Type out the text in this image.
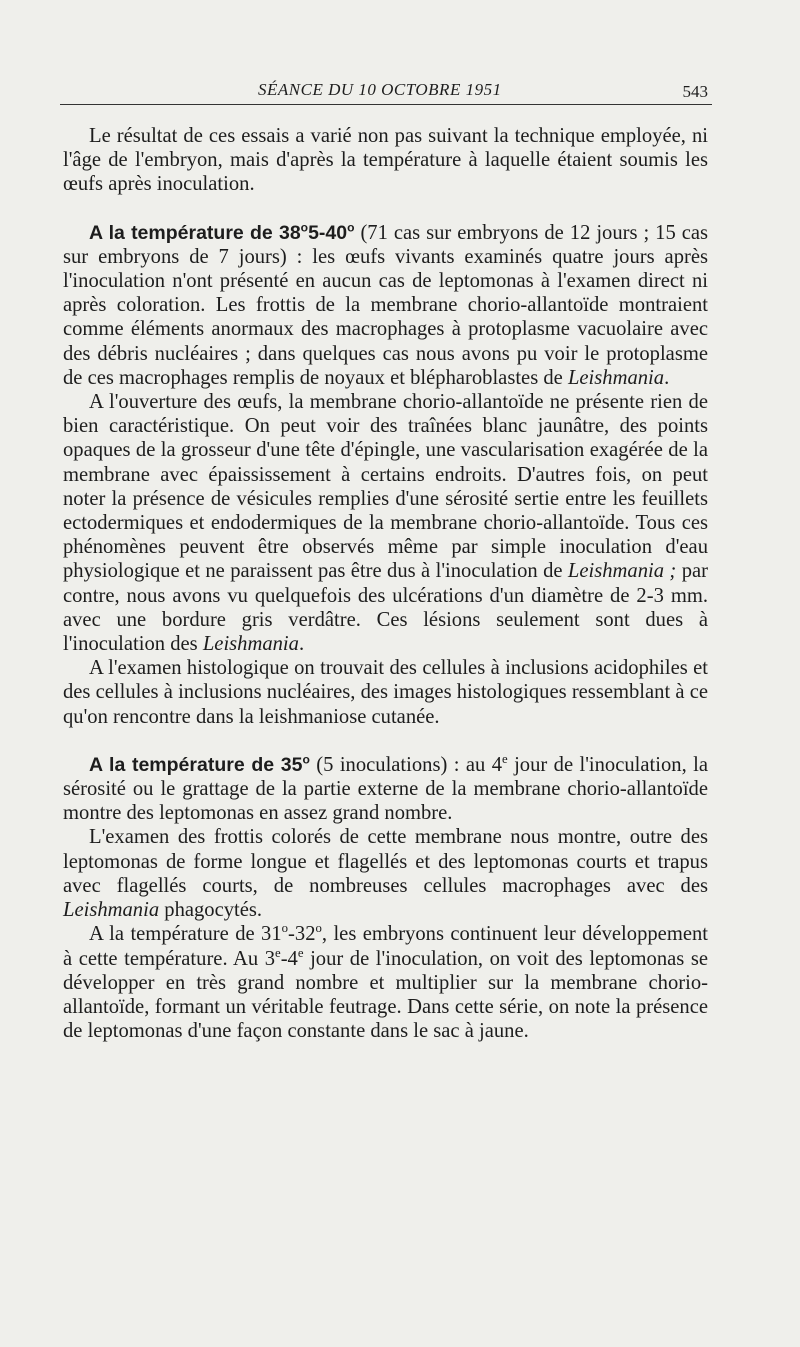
SÉANCE DU 10 OCTOBRE 1951	543

Le résultat de ces essais a varié non pas suivant la technique employée, ni l'âge de l'embryon, mais d'après la température à laquelle étaient soumis les œufs après inoculation.

A la température de 38$^o$5-40$^o$ (71 cas sur embryons de 12 jours ; 15 cas sur embryons de 7 jours) : les œufs vivants examinés quatre jours après l'inoculation n'ont présenté en aucun cas de leptomonas à l'examen direct ni après coloration. Les frottis de la membrane chorio-allantoïde montraient comme éléments anormaux des macrophages à protoplasme vacuolaire avec des débris nucléaires ; dans quelques cas nous avons pu voir le protoplasme de ces macrophages remplis de noyaux et blépharoblastes de Leishmania.

A l'ouverture des œufs, la membrane chorio-allantoïde ne présente rien de bien caractéristique. On peut voir des traînées blanc jaunâtre, des points opaques de la grosseur d'une tête d'épingle, une vascularisation exagérée de la membrane avec épaississement à certains endroits. D'autres fois, on peut noter la présence de vésicules remplies d'une sérosité sertie entre les feuillets ectodermiques et endodermiques de la membrane chorio-allantoïde. Tous ces phénomènes peuvent être observés même par simple inoculation d'eau physiologique et ne paraissent pas être dus à l'inoculation de Leishmania ; par contre, nous avons vu quelquefois des ulcérations d'un diamètre de 2-3 mm. avec une bordure gris verdâtre. Ces lésions seulement sont dues à l'inoculation des Leishmania.

A l'examen histologique on trouvait des cellules à inclusions acidophiles et des cellules à inclusions nucléaires, des images histologiques ressemblant à ce qu'on rencontre dans la leishmaniose cutanée.

A la température de 35$^o$ (5 inoculations) : au 4e jour de l'inoculation, la sérosité ou le grattage de la partie externe de la membrane chorio-allantoïde montre des leptomonas en assez grand nombre.

L'examen des frottis colorés de cette membrane nous montre, outre des leptomonas de forme longue et flagellés et des leptomonas courts et trapus avec flagellés courts, de nombreuses cellules macrophages avec des Leishmania phagocytés.

A la température de 31$^o$-32$^o$, les embryons continuent leur développement à cette température. Au 3e-4e jour de l'inoculation, on voit des leptomonas se développer en très grand nombre et multiplier sur la membrane chorio-allantoïde, formant un véritable feutrage. Dans cette série, on note la présence de leptomonas d'une façon constante dans le sac à jaune.
